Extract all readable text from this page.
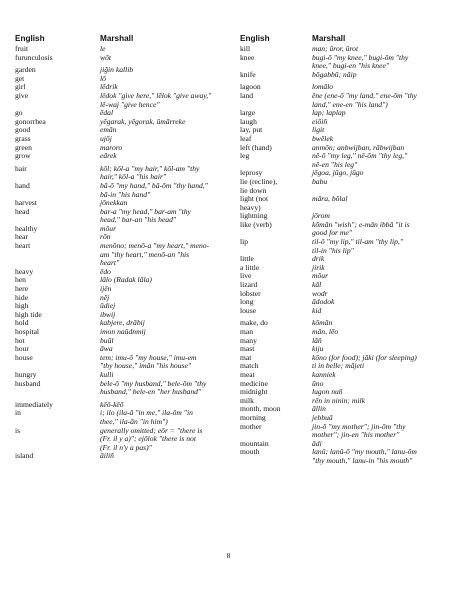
English	Marshall	English	Marshall
fruit	le
furunculosis	wōt
garden	jiğin kallib
get	lō
girl	lēdrik
give	lēdok "give here," lēlok "give away,"
lē-waj "give hence"
go	ēdal
gonorrhea	yēgarak, yēgorak, ūmārreke
good	emān
grass	ujōj
green	maroro
grow	eārek
hair	kōl; kōl-a "my hair," kōl-am "thy
hair," kōl-a "his hair"
hand	bā-ō "my hand," bā-ōm "thy hand,"
bā-in "his hand"
harvest	jōnekkan
head	bar-a "my head," bar-am "thy
head," bar-an "his head"
healthy	mōur
hear	rōn
heart	menōno; menō-a "my heart," meno-
am "thy heart," menō-an "his
heart"
heavy	ēdo
hen	lālo (Radak lāla)
here	ijēn
hide	nēj
high	ūdiej
high tide	ibwij
hold	kabjere, drābij
hospital	imon naūdnmij
hot	buūl
hour	āwa
house	tem; imu-ō "my house," imu-em
"thy house," imān "his house"
hungry	kulli
husband	bele-ō "my husband," bele-ōm "thy
husband," bele-en "her husband"
immediately	kēō-kēō
in	i; ilo (ila-ā "in me," ila-ōm "in
thee," ila-ān "in him")
is	generally omitted; eōr = "there is
(Fr. il y a)"; ejōlok "there is not
(Fr. il n'y a pas)"
island	āiliñ
kill	man; ūror, ūrot
knee	bugi-ō "my knee," bugi-ōm "thy
knee," bugi-en "his knee"
knife	bōgabbū; nāip
lagoon	lomālo
land	ēne (ene-ō "my land," ene-ōm "thy
land," ene-en "his land")
large	lap; laplap
laugh	eiōiñ
lay, put	ligit
leaf	bwēlek
left (hand)	anmōn; anbwijban, rābwijban
leg	nē-ō "my leg," nē-ōm "thy leg,"
nē-en "his leg"
leprosy	jēgoa, jūgo, jūgo
lie (recline),	babu
lie down
light (not	māra, bōlal
heavy)
lightning	jōrom
like (verb)	kōmān "wish"; e-mān ibbā "it is
good for me"
lip	til-ō "my lip," til-am "thy lip,"
til-in "his lip"
little	drik
a little	jirik
live	mōur
lizard	kāl
lobster	wodr
long	ādodok
louse	kid
make, do	kōmān
man	mān, lēo
many	lāñ
mast	kiju
mat	kōno (for food); jāki (for sleeping)
match	ti in belle; mājeti
meat	kanniek
medicine	ūno
midnight	lugon nuñ
milk	rēn in ninin; milk
month, moon	āllin
morning	jebbuā
mother	jin-ō "my mother"; jin-ōm "thy
mother"; jin-en "his mother"
mountain	ādi
mouth	lanū; lanū-ō "my mouth," lanu-ōm
"thy mouth," lanu-in "his mouth"
8
